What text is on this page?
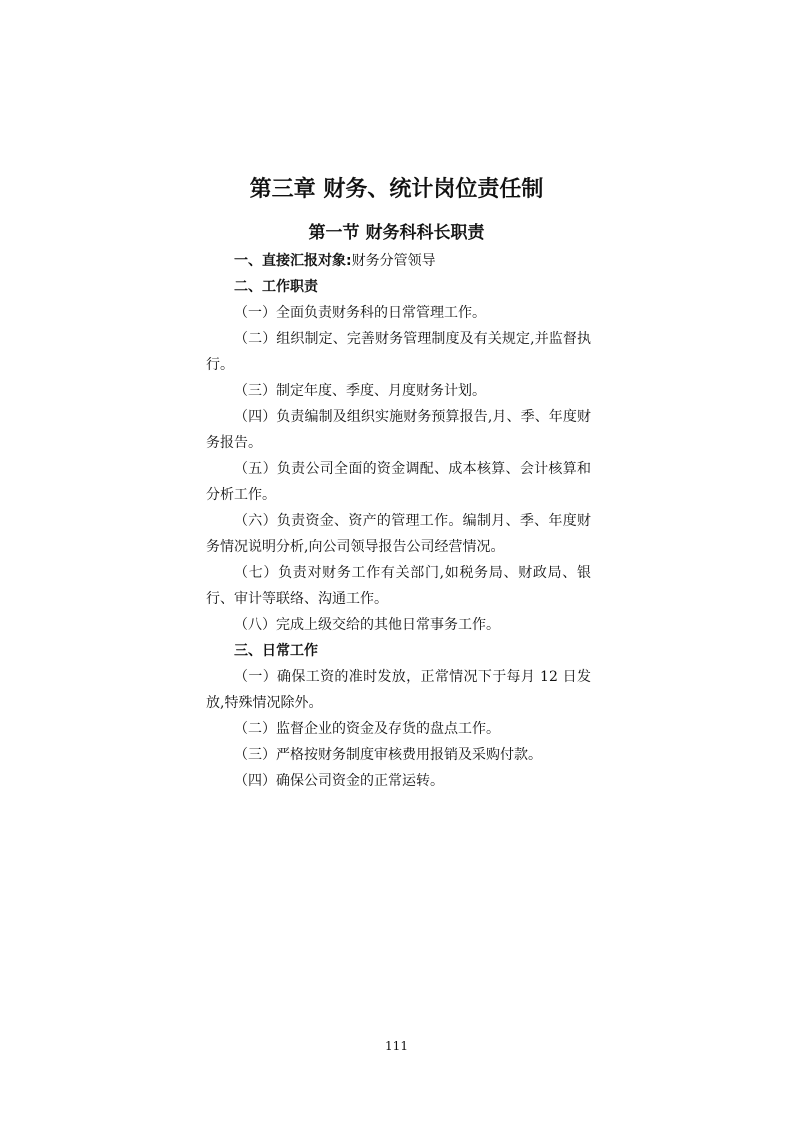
第三章 财务、统计岗位责任制
第一节 财务科科长职责

一、直接汇报对象:财务分管领导

二、工作职责

（一）全面负责财务科的日常管理工作。

（二）组织制定、完善财务管理制度及有关规定,并监督执行。

（三）制定年度、季度、月度财务计划。

（四）负责编制及组织实施财务预算报告,月、季、年度财务报告。

（五）负责公司全面的资金调配、成本核算、会计核算和分析工作。

（六）负责资金、资产的管理工作。编制月、季、年度财务情况说明分析,向公司领导报告公司经营情况。

（七）负责对财务工作有关部门,如税务局、财政局、银行、审计等联络、沟通工作。

（八）完成上级交给的其他日常事务工作。

三、日常工作

（一）确保工资的准时发放，正常情况下于每月 12 日发放,特殊情况除外。

（二）监督企业的资金及存货的盘点工作。

（三）严格按财务制度审核费用报销及采购付款。

（四）确保公司资金的正常运转。

111
